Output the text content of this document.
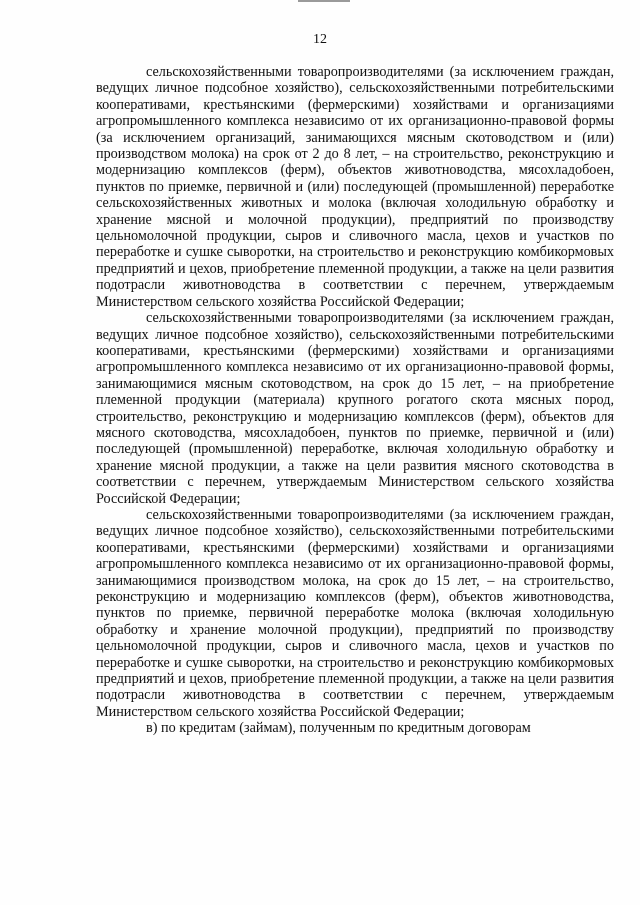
12

сельскохозяйственными товаропроизводителями (за исключением граждан, ведущих личное подсобное хозяйство), сельскохозяйственными потребительскими кооперативами, крестьянскими (фермерскими) хозяйствами и организациями агропромышленного комплекса независимо от их организационно-правовой формы (за исключением организаций, занимающихся мясным скотоводством и (или) производством молока) на срок от 2 до 8 лет, – на строительство, реконструкцию и модернизацию комплексов (ферм), объектов животноводства, мясохладобоен, пунктов по приемке, первичной и (или) последующей (промышленной) переработке сельскохозяйственных животных и молока (включая холодильную обработку и хранение мясной и молочной продукции), предприятий по производству цельномолочной продукции, сыров и сливочного масла, цехов и участков по переработке и сушке сыворотки, на строительство и реконструкцию комбикормовых предприятий и цехов, приобретение племенной продукции, а также на цели развития подотрасли животноводства в соответствии с перечнем, утверждаемым Министерством сельского хозяйства Российской Федерации;

сельскохозяйственными товаропроизводителями (за исключением граждан, ведущих личное подсобное хозяйство), сельскохозяйственными потребительскими кооперативами, крестьянскими (фермерскими) хозяйствами и организациями агропромышленного комплекса независимо от их организационно-правовой формы, занимающимися мясным скотоводством, на срок до 15 лет, – на приобретение племенной продукции (материала) крупного рогатого скота мясных пород, строительство, реконструкцию и модернизацию комплексов (ферм), объектов для мясного скотоводства, мясохладобоен, пунктов по приемке, первичной и (или) последующей (промышленной) переработке, включая холодильную обработку и хранение мясной продукции, а также на цели развития мясного скотоводства в соответствии с перечнем, утверждаемым Министерством сельского хозяйства Российской Федерации;

сельскохозяйственными товаропроизводителями (за исключением граждан, ведущих личное подсобное хозяйство), сельскохозяйственными потребительскими кооперативами, крестьянскими (фермерскими) хозяйствами и организациями агропромышленного комплекса независимо от их организационно-правовой формы, занимающимися производством молока, на срок до 15 лет, – на строительство, реконструкцию и модернизацию комплексов (ферм), объектов животноводства, пунктов по приемке, первичной переработке молока (включая холодильную обработку и хранение молочной продукции), предприятий по производству цельномолочной продукции, сыров и сливочного масла, цехов и участков по переработке и сушке сыворотки, на строительство и реконструкцию комбикормовых предприятий и цехов, приобретение племенной продукции, а также на цели развития подотрасли животноводства в соответствии с перечнем, утверждаемым Министерством сельского хозяйства Российской Федерации;

в) по кредитам (займам), полученным по кредитным договорам
